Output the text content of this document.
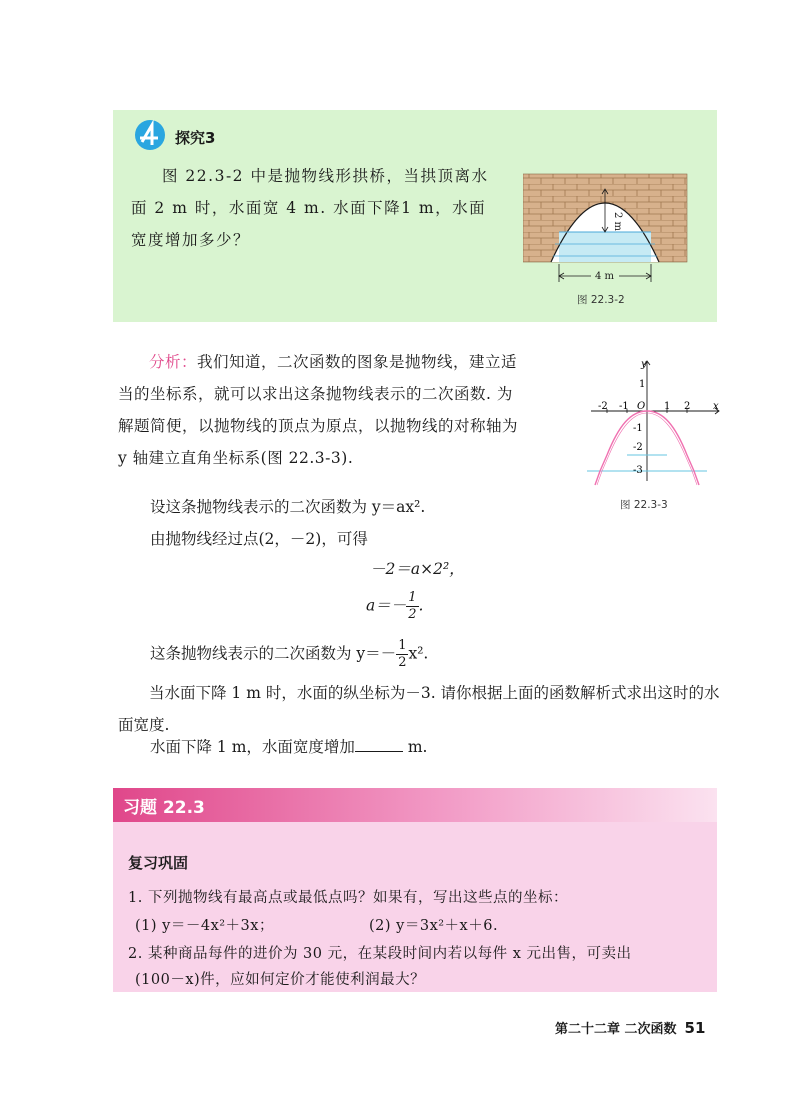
探究3
图 22.3-2 中是抛物线形拱桥，当拱顶离水面 2 m 时，水面宽 4 m. 水面下降1 m，水面宽度增加多少？
2 m
4 m
图 22.3-2
分析：我们知道，二次函数的图象是抛物线，建立适当的坐标系，就可以求出这条抛物线表示的二次函数. 为解题简便，以抛物线的顶点为原点，以抛物线的对称轴为 y 轴建立直角坐标系(图 22.3-3).
y
x
O
-2 -1	1 2
1
-1
-2
-3
图 22.3-3
设这条抛物线表示的二次函数为 y＝ax².
由抛物线经过点(2，－2)，可得
－2＝a×2²，
$a=- \frac{1}{2}$ .
这条抛物线表示的二次函数为 $y=- \frac{1}{2} x^2$.
当水面下降 1 m 时，水面的纵坐标为－3. 请你根据上面的函数解析式求出这时的水面宽度.
水面下降 1 m，水面宽度增加	m.
习题 22.3
复习巩固
1. 下列抛物线有最高点或最低点吗？如果有，写出这些点的坐标：
(1) y＝－4x²＋3x；	(2) y＝3x²＋x＋6.
2. 某种商品每件的进价为 30 元，在某段时间内若以每件 x 元出售，可卖出
(100－x)件，应如何定价才能使利润最大？
第二十二章 二次函数 51
